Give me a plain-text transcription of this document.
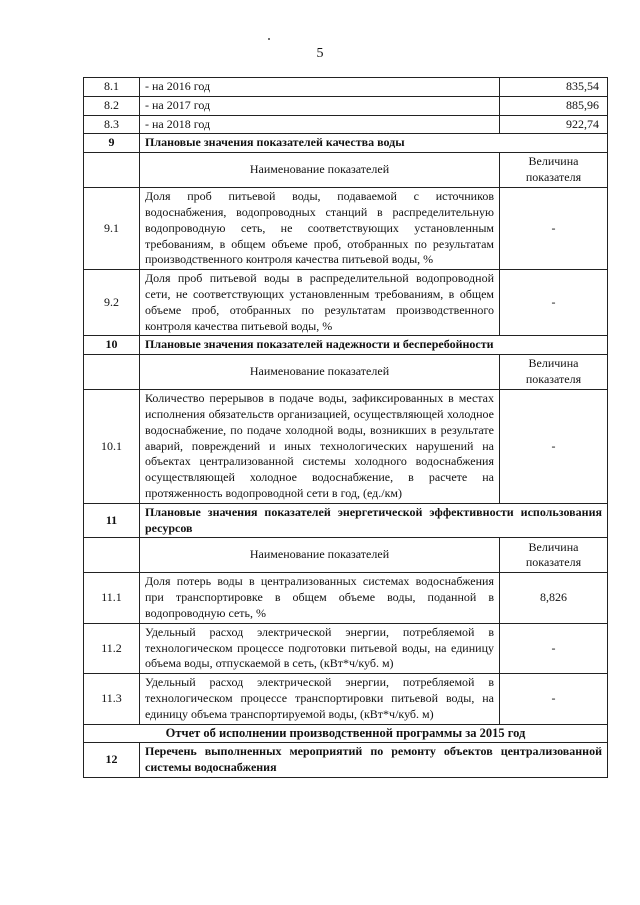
5
8.1	- на 2016 год	835,54
8.2	- на 2017 год	885,96
8.3	- на 2018 год	922,74
9	Плановые значения показателей качества воды	
	Наименование показателей	Величина показателя
9.1	Доля проб питьевой воды, подаваемой с источников водоснабжения, водопроводных станций в распределительную водопроводную сеть, не соответствующих установленным требованиям, в общем объеме проб, отобранных по результатам производственного контроля качества питьевой воды, %	-
9.2	Доля проб питьевой воды в распределительной водопроводной сети, не соответствующих установленным требованиям, в общем объеме проб, отобранных по результатам производственного контроля качества питьевой воды, %	-
10	Плановые значения показателей надежности и бесперебойности	
	Наименование показателей	Величина показателя
10.1	Количество перерывов в подаче воды, зафиксированных в местах исполнения обязательств организацией, осуществляющей холодное водоснабжение, по подаче холодной воды, возникших в результате аварий, повреждений и иных технологических нарушений на объектах централизованной системы холодного водоснабжения осуществляющей холодное водоснабжение, в расчете на протяженность водопроводной сети в год, (ед./км)	-
11	Плановые значения показателей энергетической эффективности использования ресурсов	
	Наименование показателей	Величина показателя
11.1	Доля потерь воды в централизованных системах водоснабжения при транспортировке в общем объеме воды, поданной в водопроводную сеть, %	8,826
11.2	Удельный расход электрической энергии, потребляемой в технологическом процессе подготовки питьевой воды, на единицу объема воды, отпускаемой в сеть, (кВт*ч/куб. м)	-
11.3	Удельный расход электрической энергии, потребляемой в технологическом процессе транспортировки питьевой воды, на единицу объема транспортируемой воды, (кВт*ч/куб. м)	-
Отчет об исполнении производственной программы за 2015 год		
12	Перечень выполненных мероприятий по ремонту объектов централизованной системы водоснабжения	
